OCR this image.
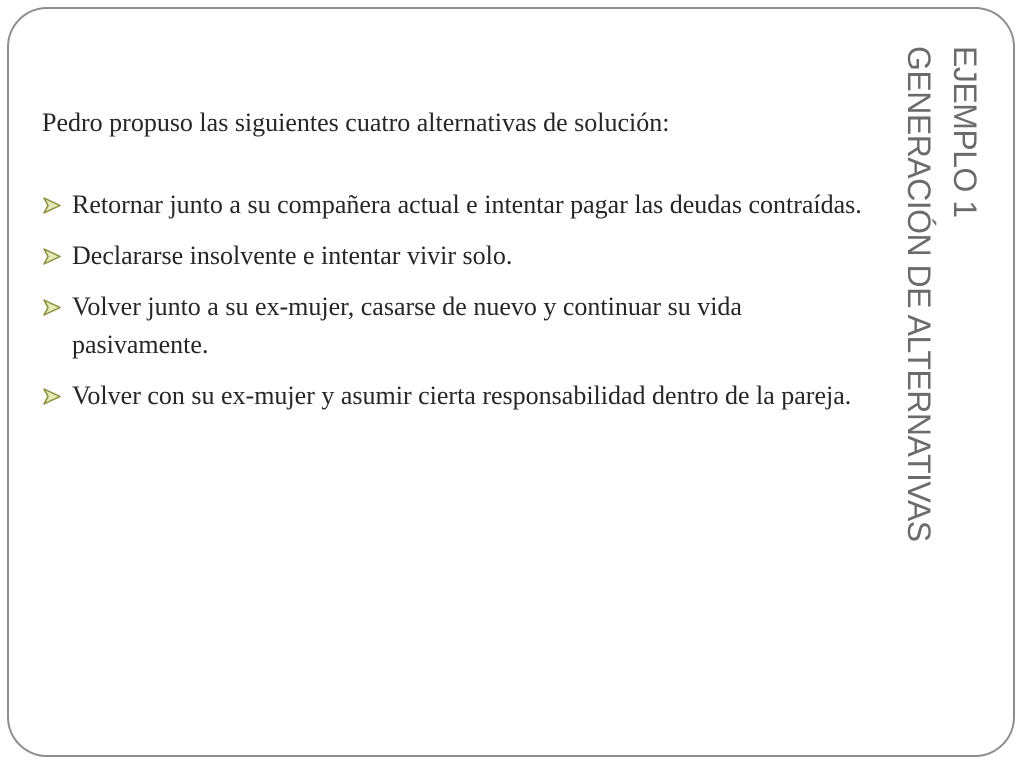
EJEMPLO 1
GENERACIÓN DE ALTERNATIVAS

Pedro propuso las siguientes cuatro alternativas de solución:

Retornar junto a su compañera actual e intentar pagar las deudas contraídas.
Declararse insolvente e intentar vivir solo.
Volver junto a su ex-mujer, casarse de nuevo y continuar su vida pasivamente.
Volver con su ex-mujer y asumir cierta responsabilidad dentro de la pareja.
